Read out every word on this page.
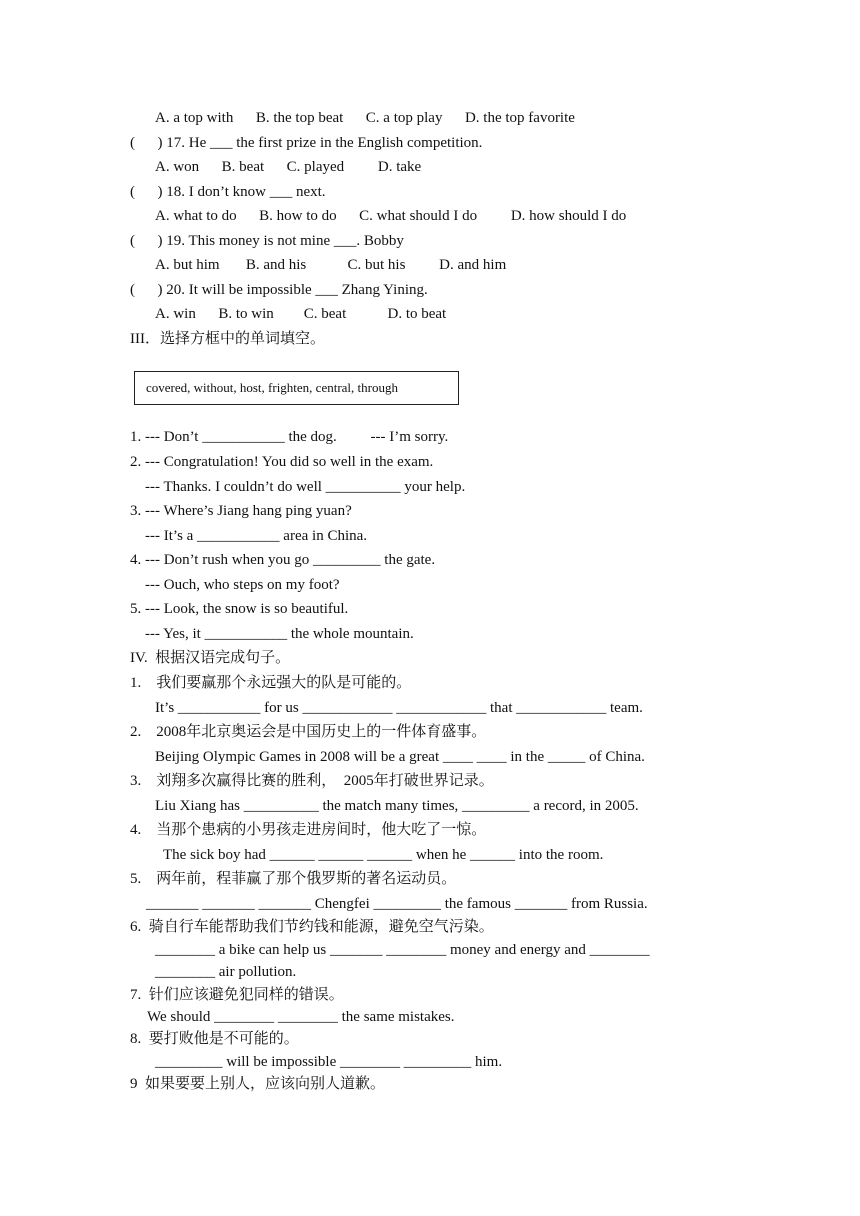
A. a top with      B. the top beat      C. a top play      D. the top favorite
(      ) 17. He ___ the first prize in the English competition.
A. won      B. beat      C. played         D. take
(      ) 18. I don’t know ___ next.
A. what to do      B. how to do      C. what should I do         D. how should I do
(      ) 19. This money is not mine ___. Bobby
A. but him       B. and his           C. but his         D. and him
(      ) 20. It will be impossible ___ Zhang Yining.
A. win      B. to win        C. beat           D. to beat
III．选择方框中的单词填空。
covered, without, host, frighten, central, through
1. --- Don’t ___________ the dog.         --- I’m sorry.
2. --- Congratulation! You did so well in the exam.
--- Thanks. I couldn’t do well __________ your help.
3. --- Where’s Jiang hang ping yuan?
--- It’s a ___________ area in China.
4. --- Don’t rush when you go _________ the gate.
--- Ouch, who steps on my foot?
5. --- Look, the snow is so beautiful.
--- Yes, it ___________ the whole mountain.
IV.  根据汉语完成句子。
1.    我们要赢那个永远强大的队是可能的。
It’s ___________ for us ____________ ____________ that ____________ team.
2.    2008年北京奥运会是中国历史上的一件体育盛事。
Beijing Olympic Games in 2008 will be a great ____ ____ in the _____ of China.
3.    刘翔多次赢得比赛的胜利，  2005年打破世界记录。
Liu Xiang has __________ the match many times, _________ a record, in 2005.
4.    当那个患病的小男孩走进房间时，他大吃了一惊。
The sick boy had ______ ______ ______ when he ______ into the room.
5.    两年前，程菲赢了那个俄罗斯的著名运动员。
_______ _______ _______ Chengfei _________ the famous _______ from Russia.
6.  骑自行车能帮助我们节约钱和能源，避免空气污染。
________ a bike can help us _______ ________ money and energy and ________
________ air pollution.
7.  针们应该避免犯同样的错误。
We should ________ ________ the same mistakes.
8.  要打败他是不可能的。
_________ will be impossible ________ _________ him.
9  如果要要上别人，应该向别人道歉。
